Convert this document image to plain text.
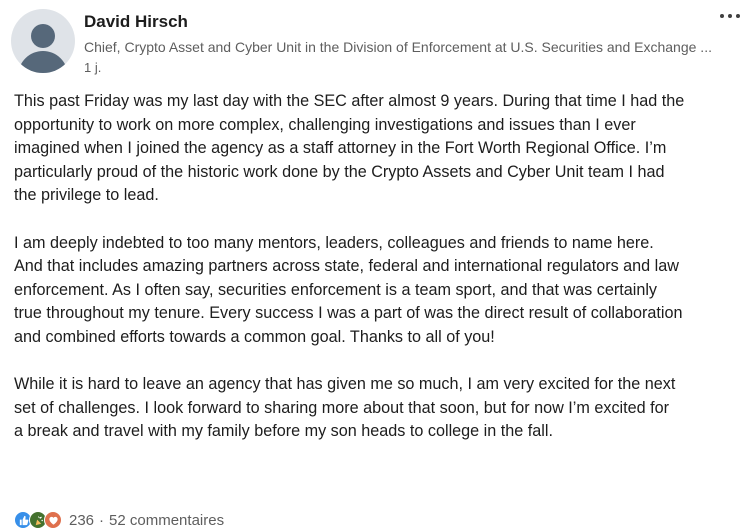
David Hirsch
Chief, Crypto Asset and Cyber Unit in the Division of Enforcement at U.S. Securities and Exchange ...
1 j.
This past Friday was my last day with the SEC after almost 9 years. During that time I had the
opportunity to work on more complex, challenging investigations and issues than I ever
imagined when I joined the agency as a staff attorney in the Fort Worth Regional Office. I’m
particularly proud of the historic work done by the Crypto Assets and Cyber Unit team I had
the privilege to lead.
I am deeply indebted to too many mentors, leaders, colleagues and friends to name here.
And that includes amazing partners across state, federal and international regulators and law
enforcement. As I often say, securities enforcement is a team sport, and that was certainly
true throughout my tenure. Every success I was a part of was the direct result of collaboration
and combined efforts towards a common goal. Thanks to all of you!
While it is hard to leave an agency that has given me so much, I am very excited for the next
set of challenges. I look forward to sharing more about that soon, but for now I’m excited for
a break and travel with my family before my son heads to college in the fall.
236 · 52 commentaires
